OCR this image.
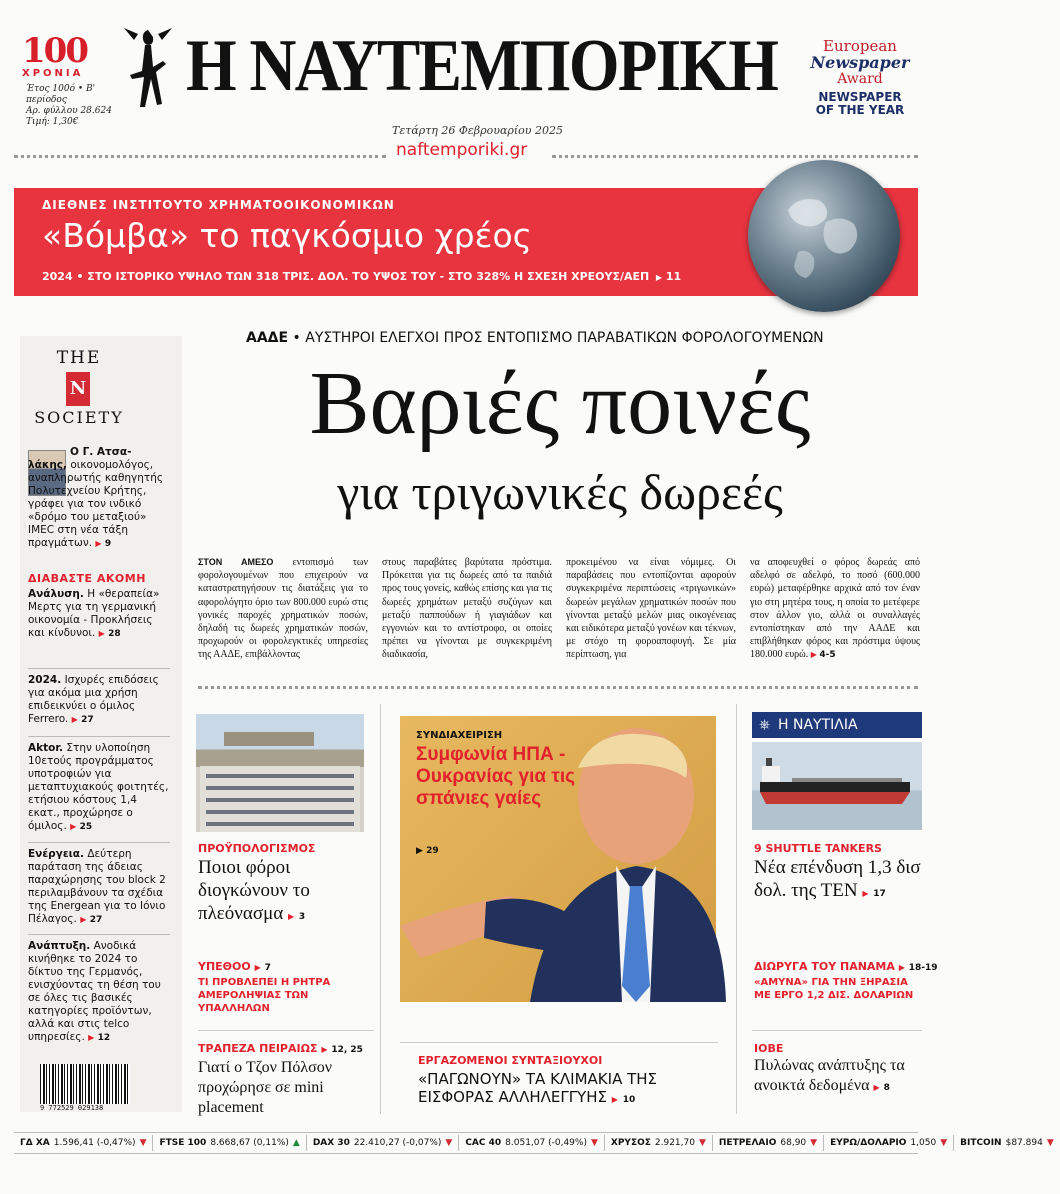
100
ΧΡΟΝΙΑ
Έτος 100ό • Β' περίοδος
Αρ. φύλλου 28.624
Τιμή: 1,30€
Η ΝΑΥΤΕΜΠΟΡΙΚΗ	European
Newspaper
Award
NEWSPAPER
OF THE YEAR
Τετάρτη 26 Φεβρουαρίου 2025
naftemporiki.gr
ΔΙΕΘΝΕΣ ΙΝΣΤΙΤΟΥΤΟ ΧΡΗΜΑΤΟΟΙΚΟΝΟΜΙΚΩΝ
«Βόμβα» το παγκόσμιο χρέος
2024 • ΣΤΟ ΙΣΤΟΡΙΚΟ ΥΨΗΛΟ ΤΩΝ 318 ΤΡΙΣ. ΔΟΛ. ΤΟ ΥΨΟΣ ΤΟΥ - ΣΤΟ 328% Η ΣΧΕΣΗ ΧΡΕΟΥΣ/ΑΕΠ  ▶ 11
THE
N
SOCIETY
Ο Γ. Ατσα-λάκης, οικονομολόγος, αναπληρωτής καθηγητής Πολυτεχνείου Κρήτης, γράφει για τον ινδικό «δρόμο του μεταξιού» IMEC στη νέα τάξη πραγμάτων. ▶ 9
ΔΙΑΒΑΣΤΕ ΑΚΟΜΗ
Ανάλυση. Η «θεραπεία» Μερτς για τη γερμανική οικονομία - Προκλήσεις και κίνδυνοι. ▶ 28
2024. Ισχυρές επιδόσεις για ακόμα μια χρήση επιδεικνύει ο όμιλος Ferrero. ▶ 27
Aktor. Στην υλοποίηση 10ετούς προγράμματος υποτροφιών για μεταπτυχιακούς φοιτητές, ετήσιου κόστους 1,4 εκατ., προχώρησε ο όμιλος. ▶ 25
Ενέργεια. Δεύτερη παράταση της άδειας παραχώρησης του block 2 περιλαμβάνουν τα σχέδια της Energean για το Ιόνιο Πέλαγος. ▶ 27
Ανάπτυξη. Ανοδικά κινήθηκε το 2024 το δίκτυο της Γερμανός, ενισχύοντας τη θέση του σε όλες τις βασικές κατηγορίες προϊόντων, αλλά και στις telco υπηρεσίες. ▶ 12
9 772529 029138
ΑΑΔΕ • ΑΥΣΤΗΡΟΙ ΕΛΕΓΧΟΙ ΠΡΟΣ ΕΝΤΟΠΙΣΜΟ ΠΑΡΑΒΑΤΙΚΩΝ ΦΟΡΟΛΟΓΟΥΜΕΝΩΝ
Βαριές ποινές
για τριγωνικές δωρεές
ΣΤΟΝ ΑΜΕΣΟ εντοπισμό των φορολογουμένων που επιχειρούν να καταστρατηγήσουν τις διατάξεις για το αφορολόγητο όριο των 800.000 ευρώ στις γονικές παροχές χρηματικών ποσών, δηλαδή τις δωρεές χρηματικών ποσών, προχωρούν οι φορολεγκτικές υπηρεσίες της ΑΑΔΕ, επιβάλλοντας
στους παραβάτες βαρύτατα πρόστιμα. Πρόκειται για τις δωρεές από τα παιδιά προς τους γονείς, καθώς επίσης και για τις δωρεές χρημάτων μεταξύ συζύγων και μεταξύ παππούδων ή γιαγιάδων και εγγονιών και το αντίστροφο, οι οποίες πρέπει να γίνονται με συγκεκριμένη διαδικασία,
προκειμένου να είναι νόμιμες. Οι παραβάσεις που εντοπίζονται αφορούν συγκεκριμένα περιπτώσεις «τριγωνικών» δωρεών μεγάλων χρηματικών ποσών που γίνονται μεταξύ μελών μιας οικογένειας και ειδικότερα μεταξύ γονέων και τέκνων, με στόχο τη φοροαποφυγή. Σε μία περίπτωση, για
να αποφευχθεί ο φόρος δωρεάς από αδελφό σε αδελφό, το ποσό (600.000 ευρώ) μεταφέρθηκε αρχικά από τον έναν γιο στη μητέρα τους, η οποία το μετέφερε στον άλλον γιο, αλλά οι συναλλαγές εντοπίστηκαν από την ΑΑΔΕ και επιβλήθηκαν φόρος και πρόστιμα ύψους 180.000 ευρώ. ▶ 4-5
ΠΡΟΫΠΟΛΟΓΙΣΜΟΣ
Ποιοι φόροι διογκώνουν το πλεόνασμα ▶ 3
ΥΠΕΘΟΟ ▶ 7
ΤΙ ΠΡΟΒΛΕΠΕΙ Η ΡΗΤΡΑ ΑΜΕΡΟΛΗΨΙΑΣ ΤΩΝ ΥΠΑΛΛΗΛΩΝ
ΤΡΑΠΕΖΑ ΠΕΙΡΑΙΩΣ ▶ 12, 25
Γιατί ο Τζον Πόλσον προχώρησε σε mini placement
ΣΥΝΔΙΑΧΕΙΡΙΣΗ
Συμφωνία ΗΠΑ - Ουκρανίας για τις σπάνιες γαίες
▶ 29
ΕΡΓΑΖΟΜΕΝΟΙ ΣΥΝΤΑΞΙΟΥΧΟΙ
«ΠΑΓΩΝΟΥΝ» ΤΑ ΚΛΙΜΑΚΙΑ ΤΗΣ ΕΙΣΦΟΡΑΣ ΑΛΛΗΛΕΓΓΥΗΣ ▶ 10
⎈ Η ΝΑΥΤΙΛΙΑ
9 SHUTTLE TANKERS
Νέα επένδυση 1,3 δισ δολ. της ΤΕΝ ▶ 17
ΔΙΩΡΥΓΑ ΤΟΥ ΠΑΝΑΜΑ ▶ 18-19
«ΑΜΥΝΑ» ΓΙΑ ΤΗΝ ΞΗΡΑΣΙΑ ΜΕ ΕΡΓΟ 1,2 ΔΙΣ. ΔΟΛΑΡΙΩΝ
ΙΟΒΕ
Πυλώνας ανάπτυξης τα ανοικτά δεδομένα ▶ 8
ΓΔ ΧΑ 1.596,41 (-0,47%) ▼ FTSE 100 8.668,67 (0,11%) ▲ DAX 30 22.410,27 (-0,07%) ▼ CAC 40 8.051,07 (-0,49%) ▼ ΧΡΥΣΟΣ 2.921,70 ▼ ΠΕΤΡΕΛΑΙΟ 68,90 ▼ ΕΥΡΩ/ΔΟΛΑΡΙΟ 1,050 ▼ BITCOIN $87.894 ▼
